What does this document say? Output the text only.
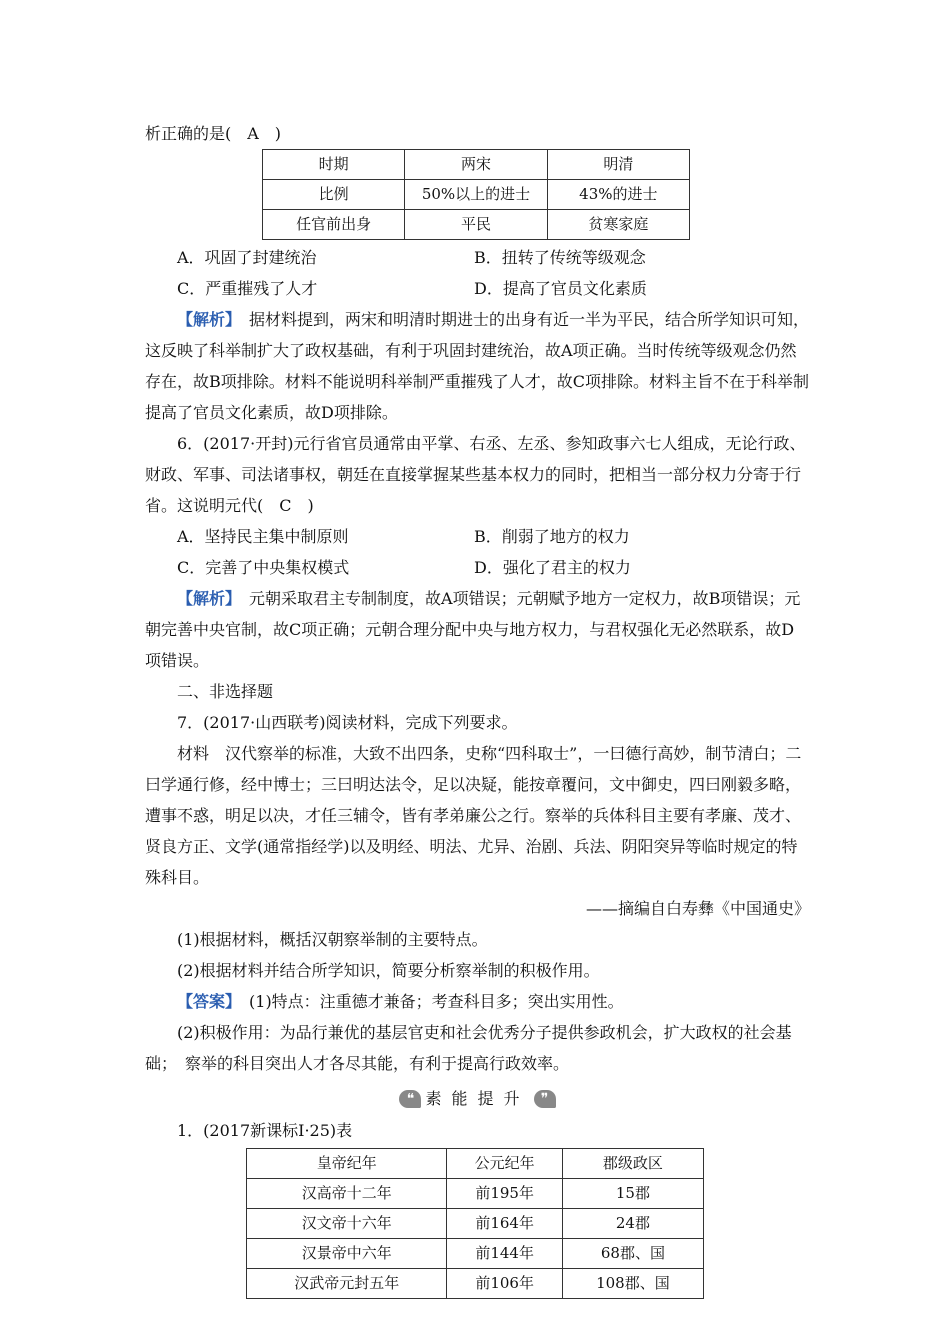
析正确的是(　A　)

时期	两宋	明清
比例	50%以上的进士	43%的进士
任官前出身	平民	贫寒家庭
A．巩固了封建统治	B．扭转了传统等级观念
C．严重摧残了人才	D．提高了官员文化素质

【解析】　据材料提到，两宋和明清时期进士的出身有近一半为平民，结合所学知识可知，这反映了科举制扩大了政权基础，有利于巩固封建统治，故A项正确。当时传统等级观念仍然存在，故B项排除。材料不能说明科举制严重摧残了人才，故C项排除。材料主旨不在于科举制提高了官员文化素质，故D项排除。

6．(2017·开封)元行省官员通常由平掌、右丞、左丞、参知政事六七人组成，无论行政、财政、军事、司法诸事权，朝廷在直接掌握某些基本权力的同时，把相当一部分权力分寄于行省。这说明元代(　C　)

A．坚持民主集中制原则	B．削弱了地方的权力
C．完善了中央集权模式	D．强化了君主的权力

【解析】　元朝采取君主专制制度，故A项错误；元朝赋予地方一定权力，故B项错误；元朝完善中央官制，故C项正确；元朝合理分配中央与地方权力，与君权强化无必然联系，故D项错误。

二、非选择题

7．(2017·山西联考)阅读材料，完成下列要求。

材料　汉代察举的标准，大致不出四条，史称“四科取士”，一曰德行高妙，制节清白；二曰学通行修，经中博士；三曰明达法令，足以决疑，能按章覆问，文中御史，四曰刚毅多略，遭事不惑，明足以决，才任三辅令，皆有孝弟廉公之行。察举的兵体科目主要有孝廉、茂才、贤良方正、文学(通常指经学)以及明经、明法、尤异、治剧、兵法、阴阳突异等临时规定的特殊科目。

——摘编自白寿彝《中国通史》

(1)根据材料，概括汉朝察举制的主要特点。

(2)根据材料并结合所学知识，简要分析察举制的积极作用。

【答案】　(1)特点：注重德才兼备；考查科目多；突出实用性。

(2)积极作用：为品行兼优的基层官吏和社会优秀分子提供参政机会，扩大政权的社会基础；　察举的科目突出人才各尽其能，有利于提高行政效率。

❝ 素能提升 ❞

1．(2017新课标Ⅰ·25)表

皇帝纪年	公元纪年	郡级政区
汉高帝十二年	前195年	15郡
汉文帝十六年	前164年	24郡
汉景帝中六年	前144年	68郡、国
汉武帝元封五年	前106年	108郡、国
